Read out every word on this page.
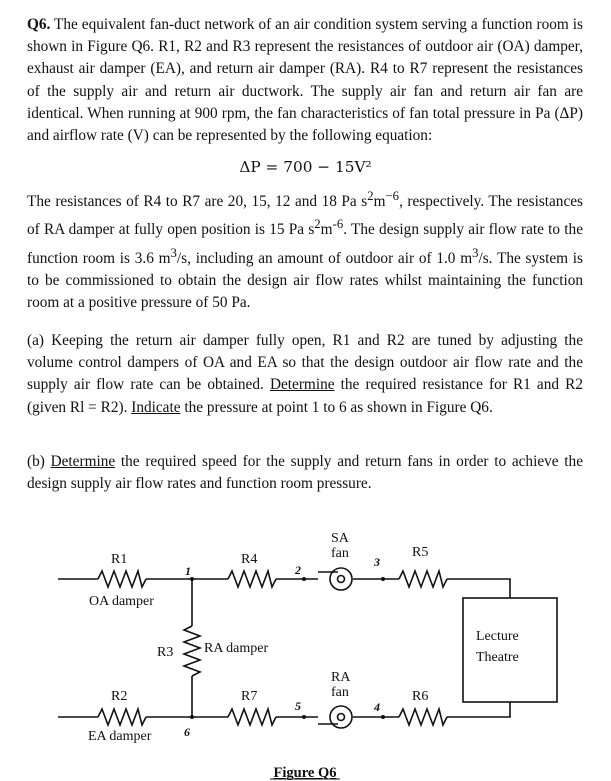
Q6. The equivalent fan-duct network of an air condition system serving a function room is shown in Figure Q6. R1, R2 and R3 represent the resistances of outdoor air (OA) damper, exhaust air damper (EA), and return air damper (RA). R4 to R7 represent the resistances of the supply air and return air ductwork. The supply air fan and return air fan are identical. When running at 900 rpm, the fan characteristics of fan total pressure in Pa (ΔP) and airflow rate (V) can be represented by the following equation:

ΔP = 700 − 15V²

The resistances of R4 to R7 are 20, 15, 12 and 18 Pa $s^2m^{-6}$, respectively. The resistances of RA damper at fully open position is 15 Pa $s^2m^{-6}$. The design supply air flow rate to the function room is 3.6 $m^3/s$, including an amount of outdoor air of 1.0 $m^3/s$. The system is to be commissioned to obtain the design air flow rates whilst maintaining the function room at a positive pressure of 50 Pa.

(a) Keeping the return air damper fully open, R1 and R2 are tuned by adjusting the volume control dampers of OA and EA so that the design outdoor air flow rate and the supply air flow rate can be obtained. Determine the required resistance for R1 and R2 (given Rl = R2). Indicate the pressure at point 1 to 6 as shown in Figure Q6.

(b) Determine the required speed for the supply and return fans in order to achieve the design supply air flow rates and function room pressure.

R1	R4	R5
R2	R7	R6
R3
OA damper
EA damper
RA damper
SA
fan
RA
fan
Lecture
Theatre
1	2
3
4
5
6
Figure Q6
